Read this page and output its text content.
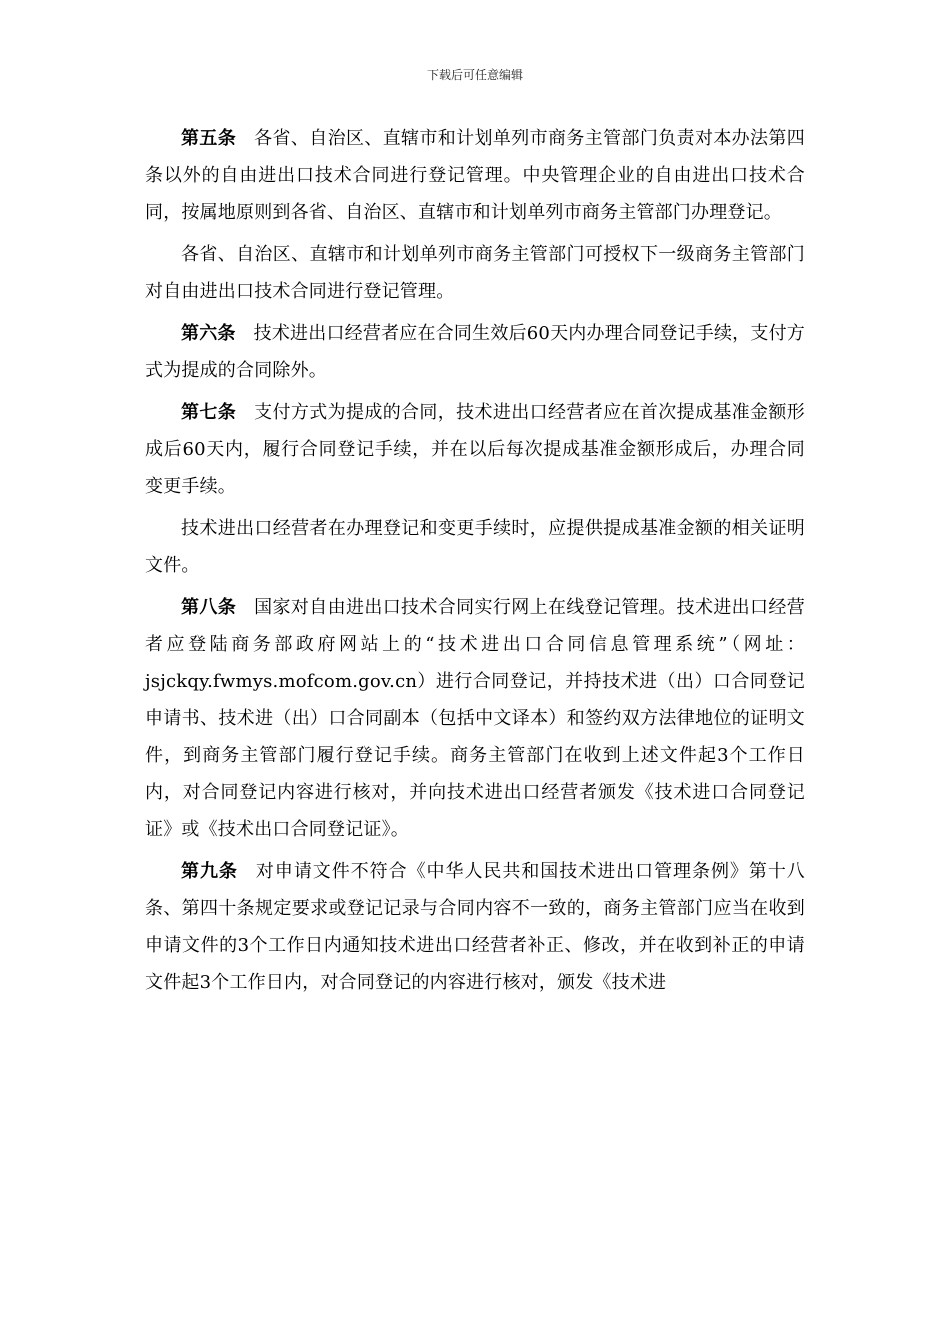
下载后可任意编辑

第五条 各省、自治区、直辖市和计划单列市商务主管部门负责对本办法第四条以外的自由进出口技术合同进行登记管理。中央管理企业的自由进出口技术合同，按属地原则到各省、自治区、直辖市和计划单列市商务主管部门办理登记。

各省、自治区、直辖市和计划单列市商务主管部门可授权下一级商务主管部门对自由进出口技术合同进行登记管理。

第六条 技术进出口经营者应在合同生效后60天内办理合同登记手续，支付方式为提成的合同除外。

第七条 支付方式为提成的合同，技术进出口经营者应在首次提成基准金额形成后60天内，履行合同登记手续，并在以后每次提成基准金额形成后，办理合同变更手续。

技术进出口经营者在办理登记和变更手续时，应提供提成基准金额的相关证明文件。

第八条 国家对自由进出口技术合同实行网上在线登记管理。技术进出口经营者应登陆商务部政府网站上的“技术进出口合同信息管理系统”（网址：jsjckqy.fwmys.mofcom.gov.cn）进行合同登记，并持技术进（出）口合同登记申请书、技术进（出）口合同副本（包括中文译本）和签约双方法律地位的证明文件，到商务主管部门履行登记手续。商务主管部门在收到上述文件起3个工作日内，对合同登记内容进行核对，并向技术进出口经营者颁发《技术进口合同登记证》或《技术出口合同登记证》。

第九条 对申请文件不符合《中华人民共和国技术进出口管理条例》第十八条、第四十条规定要求或登记记录与合同内容不一致的，商务主管部门应当在收到申请文件的3个工作日内通知技术进出口经营者补正、修改，并在收到补正的申请文件起3个工作日内，对合同登记的内容进行核对，颁发《技术进
